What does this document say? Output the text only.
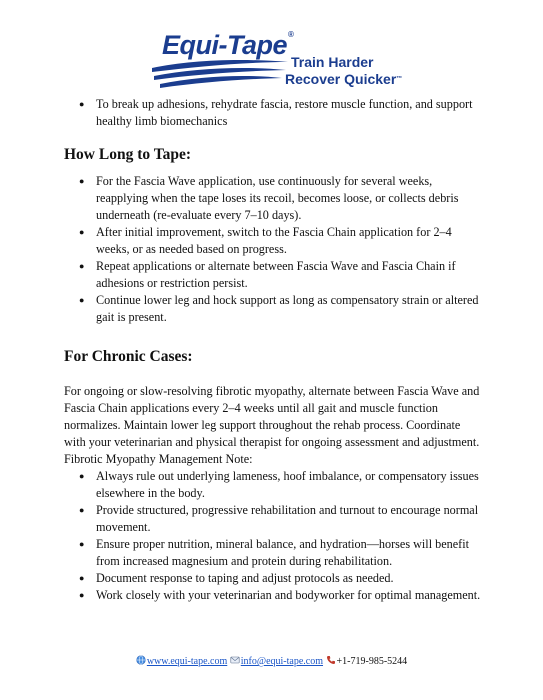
Equi-Tape®
Train Harder
Recover Quicker™
● To break up adhesions, rehydrate fascia, restore muscle function, and support healthy limb biomechanics
How Long to Tape:
● For the Fascia Wave application, use continuously for several weeks, reapplying when the tape loses its recoil, becomes loose, or collects debris underneath (re-evaluate every 7–10 days).
● After initial improvement, switch to the Fascia Chain application for 2–4 weeks, or as needed based on progress.
● Repeat applications or alternate between Fascia Wave and Fascia Chain if adhesions or restriction persist.
● Continue lower leg and hock support as long as compensatory strain or altered gait is present.
For Chronic Cases:

For ongoing or slow-resolving fibrotic myopathy, alternate between Fascia Wave and Fascia Chain applications every 2–4 weeks until all gait and muscle function normalizes. Maintain lower leg support throughout the rehab process. Coordinate with your veterinarian and physical therapist for ongoing assessment and adjustment.

Fibrotic Myopathy Management Note:

● Always rule out underlying lameness, hoof imbalance, or compensatory issues elsewhere in the body.
● Provide structured, progressive rehabilitation and turnout to encourage normal movement.
● Ensure proper nutrition, mineral balance, and hydration—horses will benefit from increased magnesium and protein during rehabilitation.
● Document response to taping and adjust protocols as needed.
● Work closely with your veterinarian and bodyworker for optimal management.
www.equi-tape.com info@equi-tape.com +1-719-985-5244
